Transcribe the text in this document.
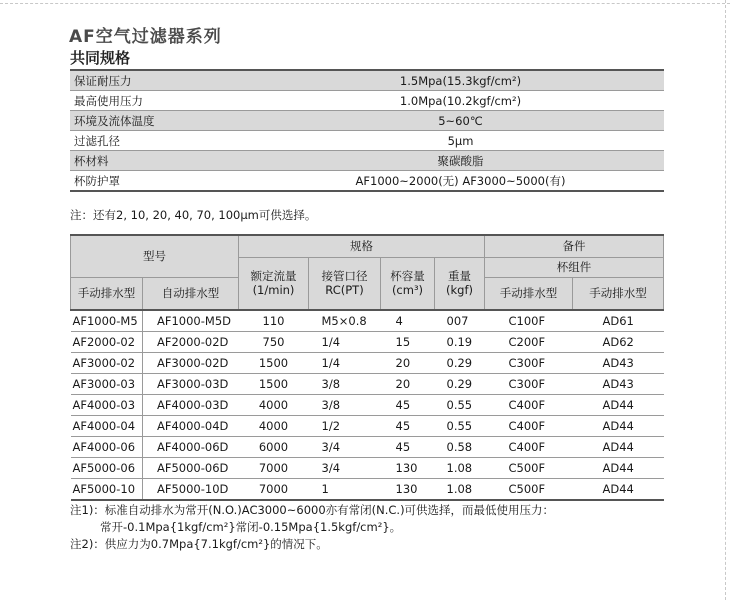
AF空气过滤器系列
共同规格
保证耐压力	1.5Mpa(15.3kgf/cm²)
最高使用压力	1.0Mpa(10.2kgf/cm²)
环境及流体温度	5~60℃
过滤孔径	5μm
杯材料	聚碳酸脂
杯防护罩	AF1000~2000(无) AF3000~5000(有)

注：还有2, 10, 20, 40, 70, 100μm可供选择。

型号		规格				备件	
		额定流量 (1/min)	接管口径 RC(PT)	杯容量 (cm³)	重量 (kgf)	杯组件	
手动排水型	自动排水型					手动排水型	手动排水型
AF1000-M5	AF1000-M5D	110	M5×0.8	4	007	C100F	AD61
AF2000-02	AF2000-02D	750	1/4	15	0.19	C200F	AD62
AF3000-02	AF3000-02D	1500	1/4	20	0.29	C300F	AD43
AF3000-03	AF3000-03D	1500	3/8	20	0.29	C300F	AD43
AF4000-03	AF4000-03D	4000	3/8	45	0.55	C400F	AD44
AF4000-04	AF4000-04D	4000	1/2	45	0.55	C400F	AD44
AF4000-06	AF4000-06D	6000	3/4	45	0.58	C400F	AD44
AF5000-06	AF5000-06D	7000	3/4	130	1.08	C500F	AD44
AF5000-10	AF5000-10D	7000	1	130	1.08	C500F	AD44
注1)：标准自动排水为常开(N.O.)AC3000~6000亦有常闭(N.C.)可供选择，而最低使用压力：
常开-0.1Mpa{1kgf/cm²}常闭-0.15Mpa{1.5kgf/cm²}。
注2)：供应力为0.7Mpa{7.1kgf/cm²}的情况下。
